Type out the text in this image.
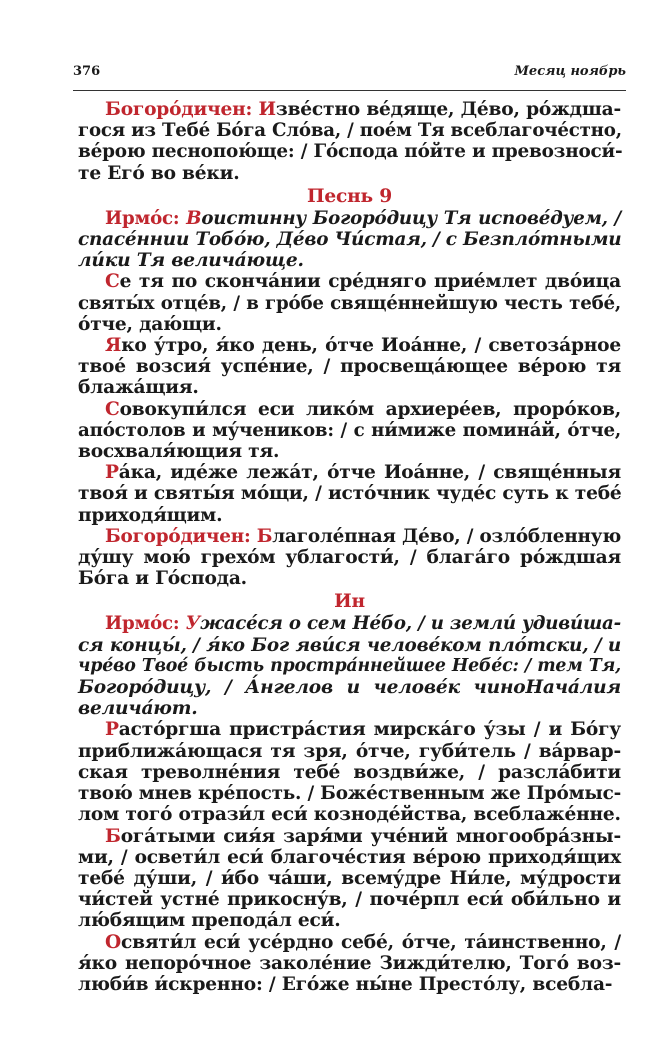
376	Месяц ноябрь
Богоро́дичен: Изве́стно ве́дяще, Де́во, ро́ждша-
гося из Тебе́ Бо́га Сло́ва, / пое́м Тя всеблагоче́стно,
ве́рою песнопою́ще: / Го́спода по́йте и превозноси́-
те Его́ во ве́ки.
Песнь 9
Ирмо́с: Воистинну Богоро́дицу Тя испове́дуем, /
спасе́ннии Тобо́ю, Де́во Чи́стая, / с Безпло́тными
ли́ки Тя велича́юще.
Се тя по сконча́нии сре́дняго прие́млет дво́ица
святы́х отце́в, / в гро́бе свяще́ннейшую честь тебе́,
о́тче, даю́щи.
Яко у́тро, я́ко день, о́тче Иоа́нне, / светоза́рное
твое́ возсия́ успе́ние, / просвеща́ющее ве́рою тя
блажа́щия.
Совокупи́лся еси лико́м архиере́ев, проро́ков,
апо́столов и му́чеников: / с ни́миже помина́й, о́тче,
восхваля́ющия тя.
Ра́ка, иде́же лежа́т, о́тче Иоа́нне, / свяще́нныя
твоя́ и святы́я мо́щи, / исто́чник чуде́с суть к тебе́
приходя́щим.
Богоро́дичен: Благоле́пная Де́во, / озло́бленную
ду́шу мою́ грехо́м ублагости́, / блага́го ро́ждшая
Бо́га и Го́спода.
Ин
Ирмо́с: Ужасе́ся о сем Не́бо, / и земли́ удиви́ша-
ся концы́, / я́ко Бог яви́ся челове́ком пло́тски, / и
чре́во Твое́ бысть простра́ннейшее Небе́с: / тем Тя,
Богоро́дицу, / А́нгелов и челове́к чиноНача́лия
велича́ют.
Расто́ргша пристра́стия мирска́го у́зы / и Бо́гу
приближа́ющася тя зря, о́тче, губи́тель / ва́рвар-
ская треволне́ния тебе́ воздви́же, / разсла́бити
твою́ мнев кре́пость. / Боже́ственным же Про́мыс-
лом того́ отрази́л еси́ козноде́йства, всеблаже́нне.
Бога́тыми сия́я заря́ми уче́ний многообра́зны-
ми, / освети́л еси́ благоче́стия ве́рою приходя́щих
тебе́ ду́ши, / и́бо ча́ши, всему́дре Ни́ле, му́дрости
чи́стей устне́ прикосну́в, / поче́рпл еси́ оби́льно и
лю́бящим препода́л еси́.
Освяти́л еси́ усе́рдно себе́, о́тче, та́инственно, /
я́ко непоро́чное заколе́ние Зижди́телю, Того́ воз-
люби́в и́скренно: / Его́же ны́не Престо́лу, всебла-
